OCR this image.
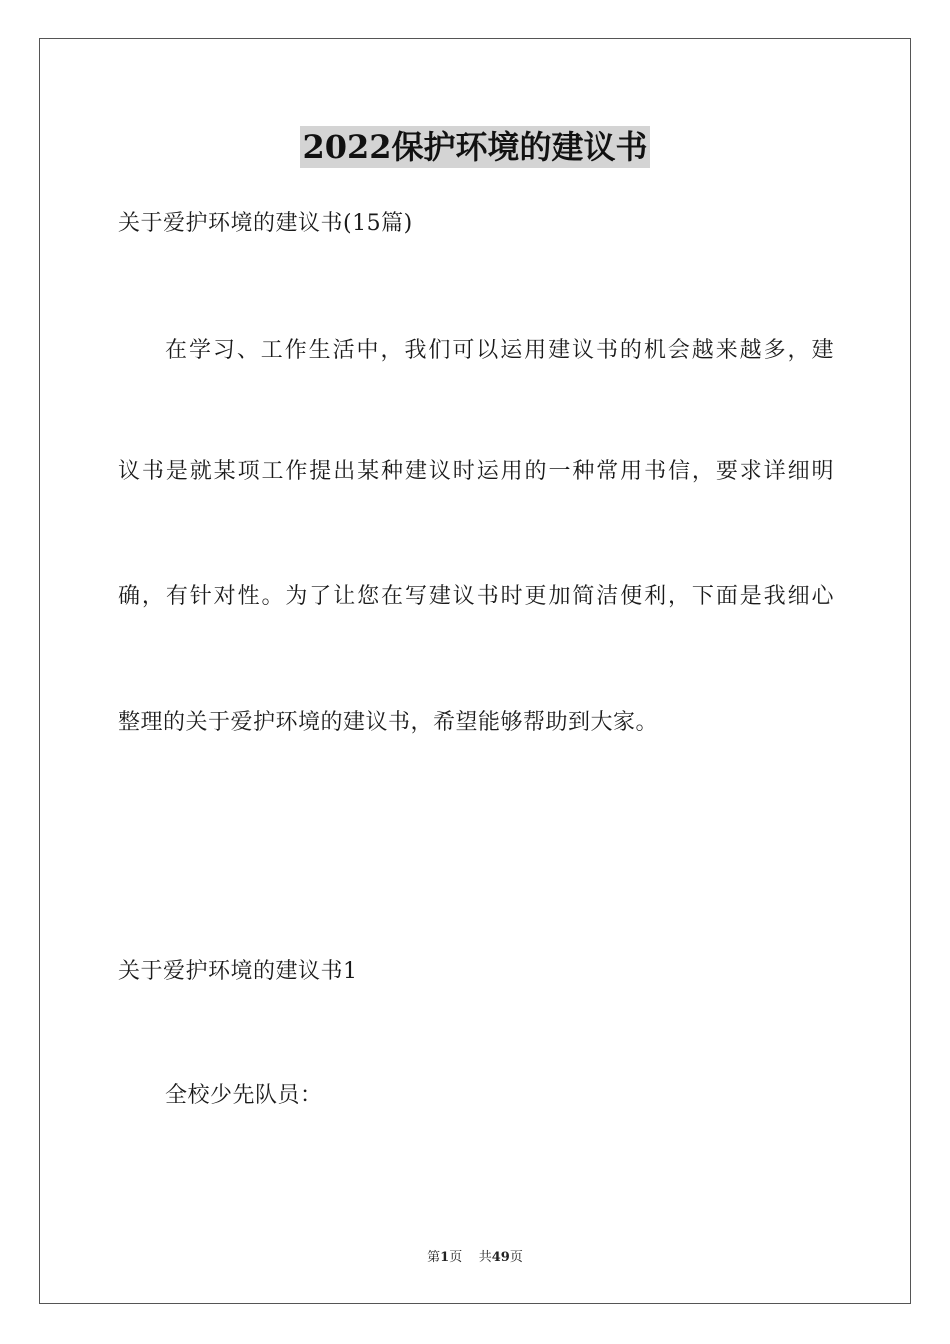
2022保护环境的建议书
关于爱护环境的建议书(15篇)
在学习、工作生活中，我们可以运用建议书的机会越来越多，建
议书是就某项工作提出某种建议时运用的一种常用书信，要求详细明
确，有针对性。为了让您在写建议书时更加简洁便利，下面是我细心
整理的关于爱护环境的建议书，希望能够帮助到大家。
关于爱护环境的建议书1
全校少先队员：
第1页 共49页
